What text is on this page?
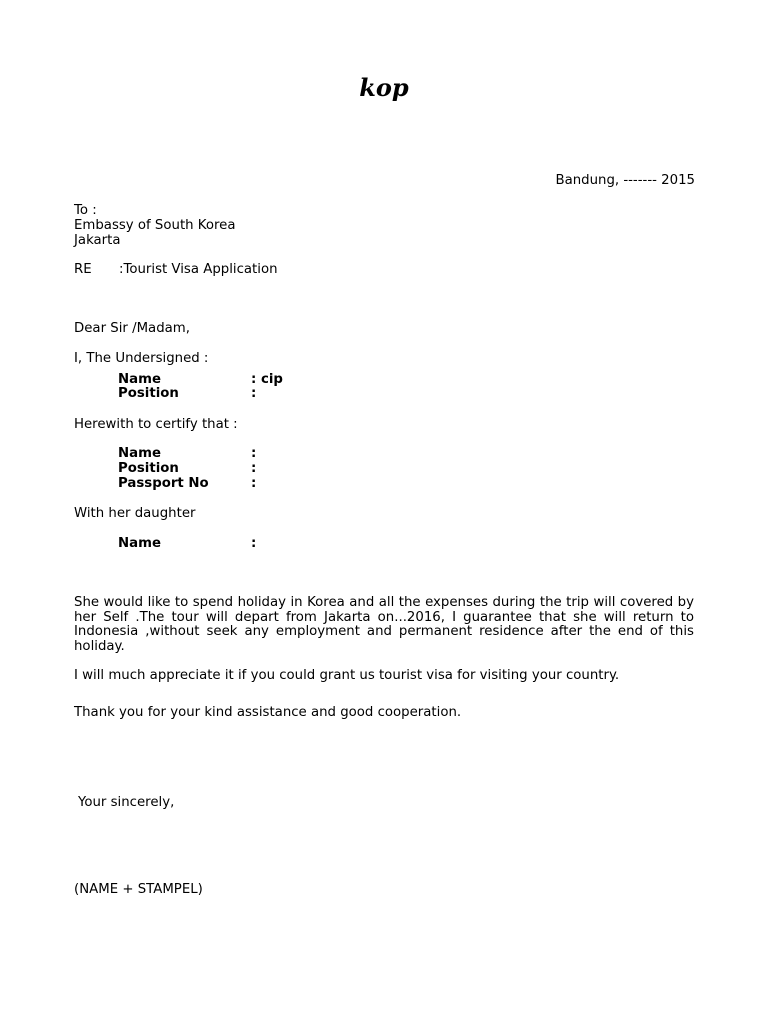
kop
Bandung, ------- 2015
To :
Embassy of South Korea
Jakarta
RE :Tourist Visa Application
Dear Sir /Madam,
I, The Undersigned :
Name	: cip
Position	:
Herewith to certify that :
Name	:
Position	:
Passport No	:
With her daughter
Name	:
She would like to spend holiday in Korea and all the expenses during the trip will covered by her Self .The tour will depart from Jakarta on...2016, I guarantee that she will return to Indonesia ,without seek any employment and permanent residence after the end of this holiday.
I will much appreciate it if you could grant us tourist visa for visiting your country.
Thank you for your kind assistance and good cooperation.
Your sincerely,
(NAME + STAMPEL)
